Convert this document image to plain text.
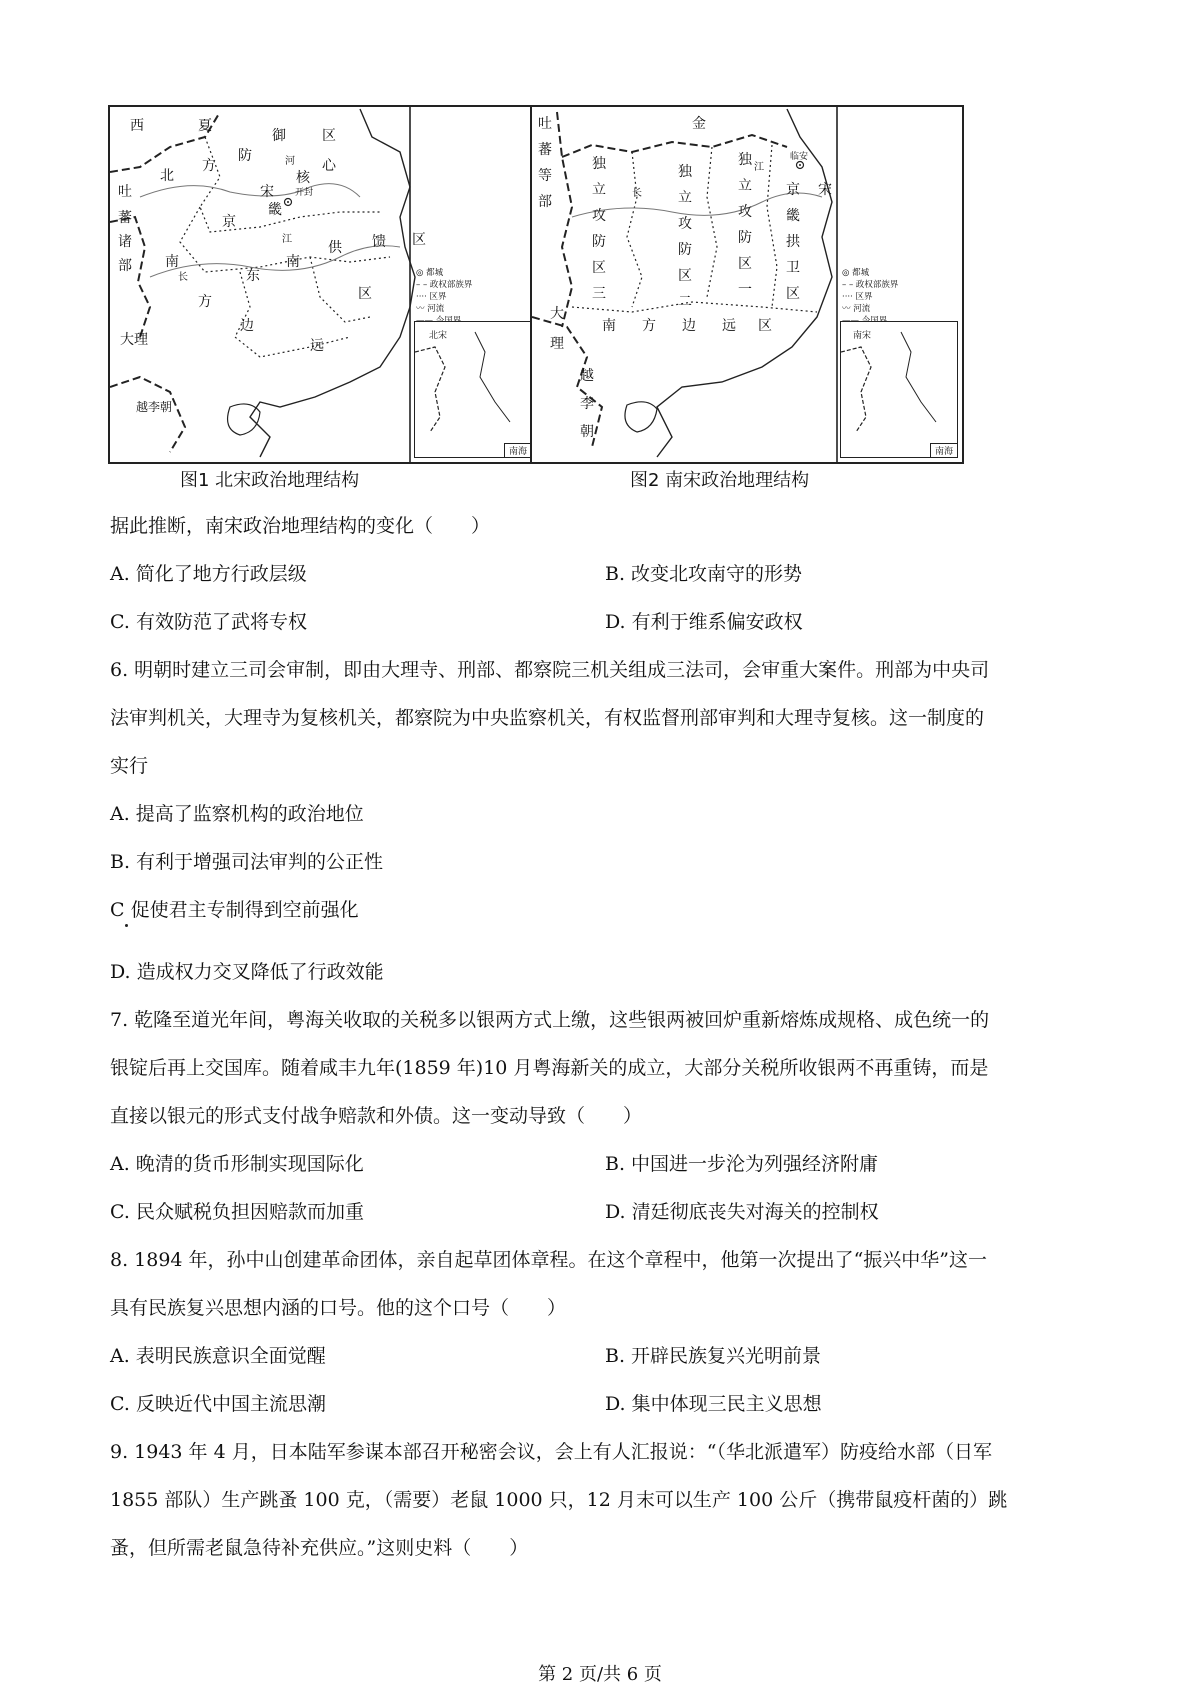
西	夏
御	区
防	河 心
北
方
吐
蕃
诸
部
宋
畿
开封
核
京
江
南
供 馈 区
长	东
南
区
方
大理
边
远
越李朝
◎ 都城
– – 政权部族界
···· 区界
〰 河流
北宋
南海
图1 北宋政治地理结构
吐
蕃
等
部
金
独
立
攻
防
区
三
长
独
立
攻
防
区
二
江
独
立
攻
防
区
一
临安
宋
京
畿
拱
卫
区
大
理
南 方 边 远 区
越
李
朝
◎ 都城
– – 政权部族界
···· 区界
〰 河流
南宋
南海
图2 南宋政治地理结构
据此推断，南宋政治地理结构的变化（　　）
A. 简化了地方行政层级	B. 改变北攻南守的形势
C. 有效防范了武将专权	D. 有利于维系偏安政权
6. 明朝时建立三司会审制，即由大理寺、刑部、都察院三机关组成三法司，会审重大案件。刑部为中央司
法审判机关，大理寺为复核机关，都察院为中央监察机关，有权监督刑部审判和大理寺复核。这一制度的
实行
A. 提高了监察机构的政治地位
B. 有利于增强司法审判的公正性
C 促使君主专制得到空前强化
D. 造成权力交叉降低了行政效能
7. 乾隆至道光年间，粤海关收取的关税多以银两方式上缴，这些银两被回炉重新熔炼成规格、成色统一的
银锭后再上交国库。随着咸丰九年(1859 年)10 月粤海新关的成立，大部分关税所收银两不再重铸，而是
直接以银元的形式支付战争赔款和外债。这一变动导致（　　）
A. 晚清的货币形制实现国际化	B. 中国进一步沦为列强经济附庸
C. 民众赋税负担因赔款而加重	D. 清廷彻底丧失对海关的控制权
8. 1894 年，孙中山创建革命团体，亲自起草团体章程。在这个章程中，他第一次提出了“振兴中华”这一
具有民族复兴思想内涵的口号。他的这个口号（　　）
A. 表明民族意识全面觉醒	B. 开辟民族复兴光明前景
C. 反映近代中国主流思潮	D. 集中体现三民主义思想
9. 1943 年 4 月，日本陆军参谋本部召开秘密会议，会上有人汇报说：“（华北派遣军）防疫给水部（日军
1855 部队）生产跳蚤 100 克，（需要）老鼠 1000 只，12 月末可以生产 100 公斤（携带鼠疫杆菌的）跳
蚤，但所需老鼠急待补充供应。”这则史料（　　）
第 2 页/共 6 页
